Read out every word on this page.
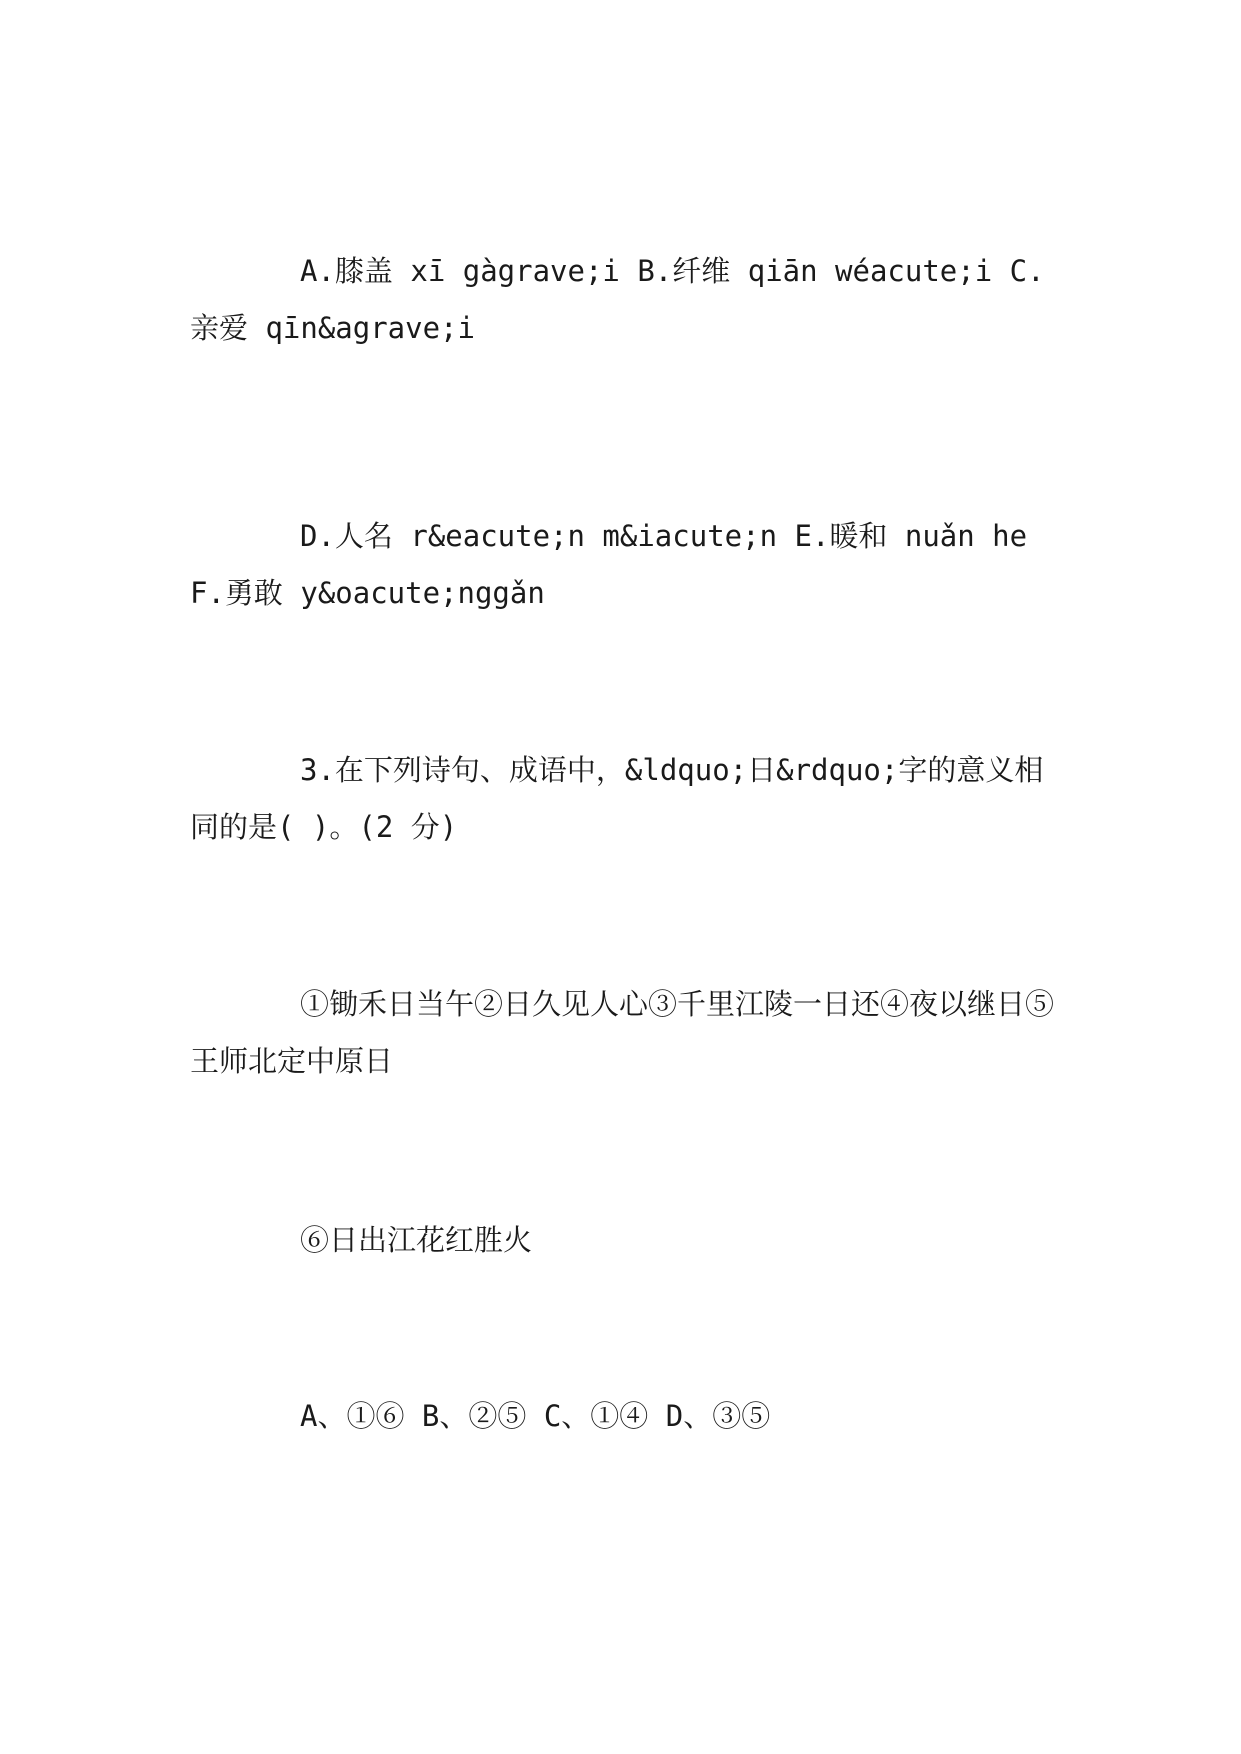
A.膝盖 xī gàgrave;i B.纤维 qiān wéacute;i C.亲爱 qīn&agrave;i

D.人名 r&eacute;n m&iacute;n E.暖和 nuǎn he F.勇敢 y&oacute;nggǎn

3.在下列诗句、成语中，&ldquo;日&rdquo;字的意义相同的是( )。(2 分)

①锄禾日当午②日久见人心③千里江陵一日还④夜以继日⑤王师北定中原日

⑥日出江花红胜火

A、①⑥ B、②⑤ C、①④ D、③⑤
